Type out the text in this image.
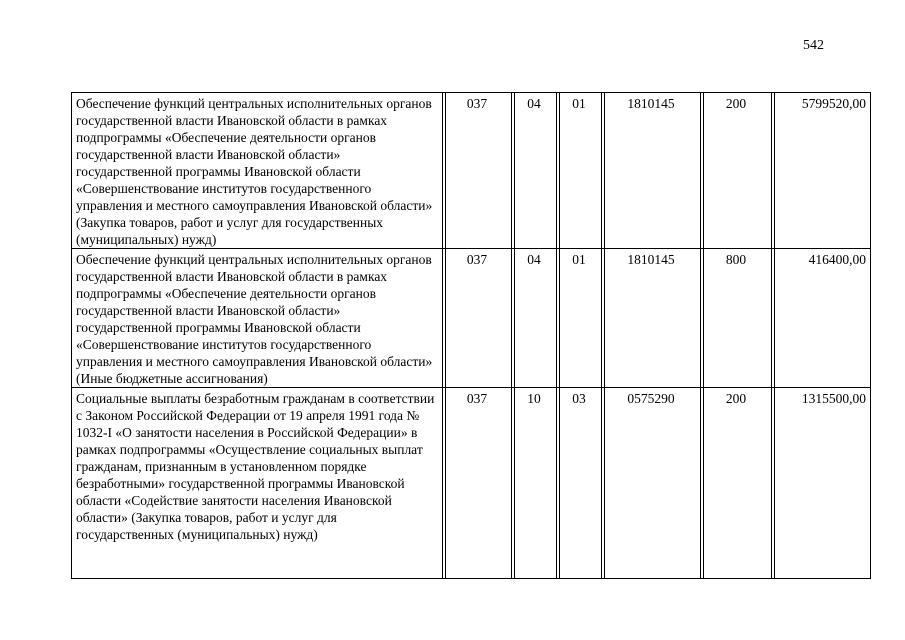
542
Обеспечение функций центральных исполнительных органов государственной власти Ивановской области в рамках подпрограммы «Обеспечение деятельности органов государственной власти Ивановской области» государственной программы Ивановской области «Совершенствование институтов государственного управления и местного самоуправления Ивановской области» (Закупка товаров, работ и услуг для государственных (муниципальных) нужд)	037	04	01	1810145	200	5799520,00
Обеспечение функций центральных исполнительных органов государственной власти Ивановской области в рамках подпрограммы «Обеспечение деятельности органов государственной власти Ивановской области» государственной программы Ивановской области «Совершенствование институтов государственного управления и местного самоуправления Ивановской области» (Иные бюджетные ассигнования)	037	04	01	1810145	800	416400,00
Социальные выплаты безработным гражданам в соответствии с Законом Российской Федерации от 19 апреля 1991 года № 1032-I «О занятости населения в Российской Федерации» в рамках подпрограммы «Осуществление социальных выплат гражданам, признанным в установленном порядке безработными» государственной программы Ивановской области «Содействие занятости населения Ивановской области» (Закупка товаров, работ и услуг для государственных (муниципальных) нужд)	037	10	03	0575290	200	1315500,00
